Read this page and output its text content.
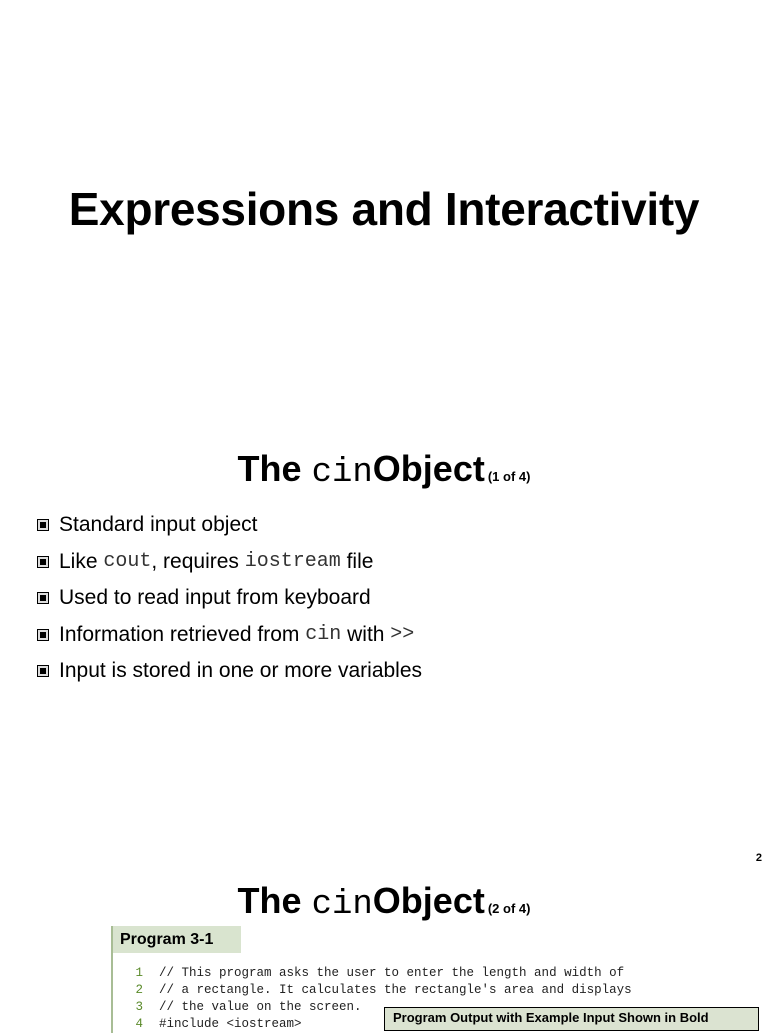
Expressions and Interactivity
The cinObject (1 of 4)
Standard input object
Like cout , requires iostream file
Used to read input from keyboard
Information retrieved from cin with >>
Input is stored in one or more variables
2
The cinObject (2 of 4)
Program 3-1
1 // This program asks the user to enter the length and width of
2 // a rectangle. It calculates the rectangle's area and displays
3 // the value on the screen.
4 #include <iostream>	Program Output with Example Input Shown in Bold
